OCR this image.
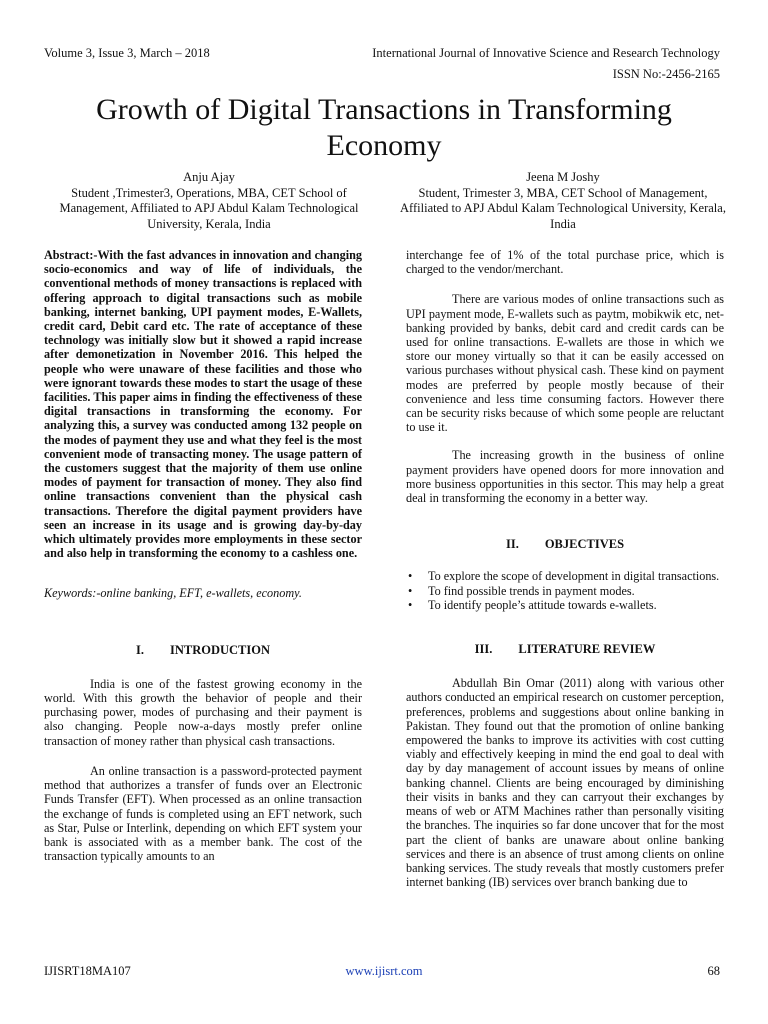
Volume 3, Issue 3, March – 2018	International Journal of Innovative Science and Research Technology
ISSN No:-2456-2165
Growth of Digital Transactions in Transforming Economy
Anju Ajay
Student ,Trimester3, Operations, MBA, CET School of Management, Affiliated to APJ Abdul Kalam Technological University, Kerala, India
Jeena M Joshy
Student, Trimester 3, MBA, CET School of Management, Affiliated to APJ Abdul Kalam Technological University, Kerala, India

Abstract:-With the fast advances in innovation and changing socio-economics and way of life of individuals, the conventional methods of money transactions is replaced with offering approach to digital transactions such as mobile banking, internet banking, UPI payment modes, E-Wallets, credit card, Debit card etc. The rate of acceptance of these technology was initially slow but it showed a rapid increase after demonetization in November 2016. This helped the people who were unaware of these facilities and those who were ignorant towards these modes to start the usage of these facilities. This paper aims in finding the effectiveness of these digital transactions in transforming the economy. For analyzing this, a survey was conducted among 132 people on the modes of payment they use and what they feel is the most convenient mode of transacting money. The usage pattern of the customers suggest that the majority of them use online modes of payment for transaction of money. They also find online transactions convenient than the physical cash transactions. Therefore the digital payment providers have seen an increase in its usage and is growing day-by-day which ultimately provides more employments in these sector and also help in transforming the economy to a cashless one.

Keywords:-online banking, EFT, e-wallets, economy.

I. INTRODUCTION

India is one of the fastest growing economy in the world. With this growth the behavior of people and their purchasing power, modes of purchasing and their payment is also changing. People now-a-days mostly prefer online transaction of money rather than physical cash transactions.

An online transaction is a password-protected payment method that authorizes a transfer of funds over an Electronic Funds Transfer (EFT). When processed as an online transaction the exchange of funds is completed using an EFT network, such as Star, Pulse or Interlink, depending on which EFT system your bank is associated with as a member bank. The cost of the transaction typically amounts to an

interchange fee of 1% of the total purchase price, which is charged to the vendor/merchant.

There are various modes of online transactions such as UPI payment mode, E-wallets such as paytm, mobikwik etc, net-banking provided by banks, debit card and credit cards can be used for online transactions. E-wallets are those in which we store our money virtually so that it can be easily accessed on various purchases without physical cash. These kind on payment modes are preferred by people mostly because of their convenience and less time consuming factors. However there can be security risks because of which some people are reluctant to use it.

The increasing growth in the business of online payment providers have opened doors for more innovation and more business opportunities in this sector. This may help a great deal in transforming the economy in a better way.

II. OBJECTIVES
• To explore the scope of development in digital transactions.
• To find possible trends in payment modes.
• To identify people’s attitude towards e-wallets.
III. LITERATURE REVIEW

Abdullah Bin Omar (2011) along with various other authors conducted an empirical research on customer perception, preferences, problems and suggestions about online banking in Pakistan. They found out that the promotion of online banking empowered the banks to improve its activities with cost cutting viably and effectively keeping in mind the end goal to deal with day by day management of account issues by means of online banking channel. Clients are being encouraged by diminishing their visits in banks and they can carryout their exchanges by means of web or ATM Machines rather than personally visiting the branches. The inquiries so far done uncover that for the most part the client of banks are unaware about online banking services and there is an absence of trust among clients on online banking services. The study reveals that mostly customers prefer internet banking (IB) services over branch banking due to

IJISRT18MA107	www.ijisrt.com	68
